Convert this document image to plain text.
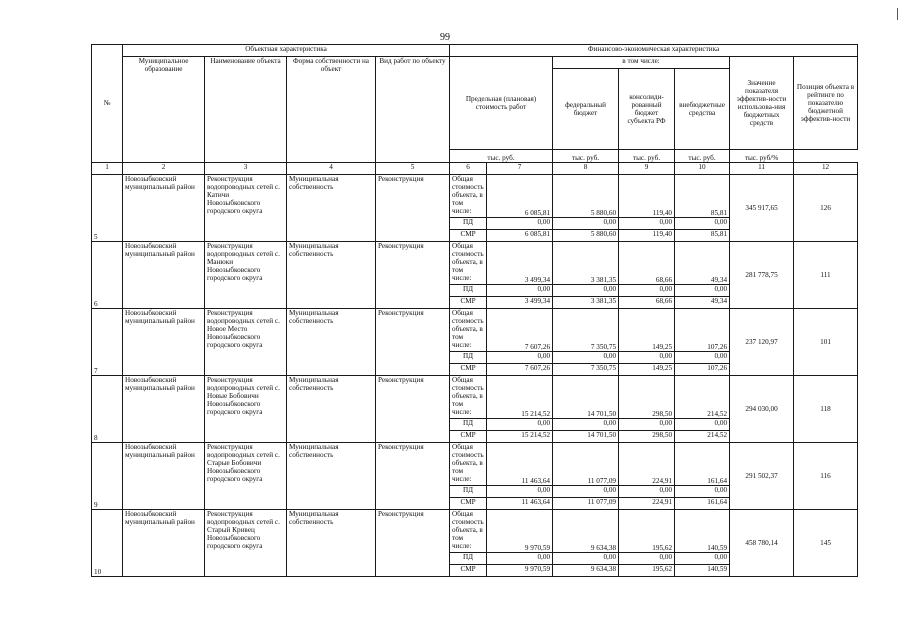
99
№	Объектная характеристика				Финансово-экономическая характеристика						
	Муниципальное образование	Наименование объекта	Форма собственности на объект	Вид работ по объекту	Предельная (плановая) стоимость работ		в том числе:			Значение показателя эффектив-ности использова-ния бюджетных средств	Позиция объекта в рейтинге по показателю бюджетной эффектив-ности
							федеральный бюджет	консолиди-рованный бюджет субъекта РФ	внебюджетные средства		
					тыс. руб.		тыс. руб.	тыс. руб.	тыс. руб.	тыс. руб/%	
1	2	3	4	5	6	7	8	9	10	11	12
5	Новозыбковский муниципальный район	Реконструкция водопроводных сетей с. Катичи Новозыбковского городского округа	Муниципальная собственность	Реконструкция	Общая стоимость объекта, в том числе:	6 085,81	5 880,60	119,40	85,81	345 917,65	126
					ПД	0,00	0,00	0,00	0,00		
					СМР	6 085,81	5 880,60	119,40	85,81		
6	Новозыбковский муниципальный район	Реконструкция водопроводных сетей с. Манюки Новозыбковского городского округа	Муниципальная собственность	Реконструкция	Общая стоимость объекта, в том числе:	3 499,34	3 381,35	68,66	49,34	281 778,75	111
					ПД	0,00	0,00	0,00	0,00		
					СМР	3 499,34	3 381,35	68,66	49,34		
7	Новозыбковский муниципальный район	Реконструкция водопроводных сетей с. Новое Место Новозыбковского городского округа	Муниципальная собственность	Реконструкция	Общая стоимость объекта, в том числе:	7 607,26	7 350,75	149,25	107,26	237 120,97	101
					ПД	0,00	0,00	0,00	0,00		
					СМР	7 607,26	7 350,75	149,25	107,26		
8	Новозыбковский муниципальный район	Реконструкция водопроводных сетей с. Новые Бобовичи Новозыбковского городского округа	Муниципальная собственность	Реконструкция	Общая стоимость объекта, в том числе:	15 214,52	14 701,50	298,50	214,52	294 030,00	118
					ПД	0,00	0,00	0,00	0,00		
					СМР	15 214,52	14 701,50	298,50	214,52		
9	Новозыбковский муниципальный район	Реконструкция водопроводных сетей с. Старые Бобовичи Новозыбковского городского округа	Муниципальная собственность	Реконструкция	Общая стоимость объекта, в том числе:	11 463,64	11 077,09	224,91	161,64	291 502,37	116
					ПД	0,00	0,00	0,00	0,00		
					СМР	11 463,64	11 077,09	224,91	161,64		
10	Новозыбковский муниципальный район	Реконструкция водопроводных сетей с. Старый Кривец Новозыбковского городского округа	Муниципальная собственность	Реконструкция	Общая стоимость объекта, в том числе:	9 970,59	9 634,38	195,62	140,59	458 780,14	145
					ПД	0,00	0,00	0,00	0,00		
					СМР	9 970,59	9 634,38	195,62	140,59		
